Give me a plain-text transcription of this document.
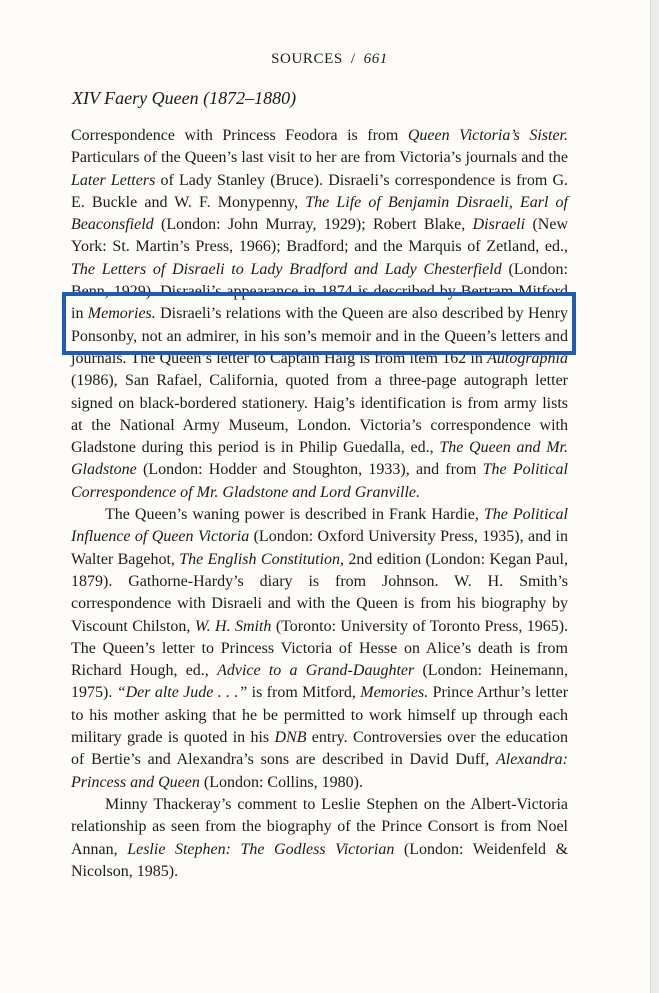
SOURCES / 661
XIV Faery Queen (1872–1880)

Correspondence with Princess Feodora is from Queen Victoria’s Sister. Particulars of the Queen’s last visit to her are from Victoria’s journals and the Later Letters of Lady Stanley (Bruce). Disraeli’s correspondence is from G. E. Buckle and W. F. Monypenny, The Life of Benjamin Disraeli, Earl of Beaconsfield (London: John Murray, 1929); Robert Blake, Disraeli (New York: St. Martin’s Press, 1966); Bradford; and the Marquis of Zetland, ed., The Letters of Disraeli to Lady Bradford and Lady Chesterfield (London: Benn, 1929). Disraeli’s appearance in 1874 is described by Bertram Mitford in Memories. Disraeli’s relations with the Queen are also described by Henry Ponsonby, not an admirer, in his son’s memoir and in the Queen’s letters and journals. The Queen’s letter to Captain Haig is from item 162 in Autographia (1986), San Rafael, California, quoted from a three-page autograph letter signed on black-bordered stationery. Haig’s identification is from army lists at the National Army Museum, London. Victoria’s correspondence with Gladstone during this period is in Philip Guedalla, ed., The Queen and Mr. Gladstone (London: Hodder and Stoughton, 1933), and from The Political Correspondence of Mr. Gladstone and Lord Granville.

The Queen’s waning power is described in Frank Hardie, The Political Influence of Queen Victoria (London: Oxford University Press, 1935), and in Walter Bagehot, The English Constitution, 2nd edition (London: Kegan Paul, 1879). Gathorne-Hardy’s diary is from Johnson. W. H. Smith’s correspondence with Disraeli and with the Queen is from his biography by Viscount Chilston, W. H. Smith (Toronto: University of Toronto Press, 1965). The Queen’s letter to Princess Victoria of Hesse on Alice’s death is from Richard Hough, ed., Advice to a Grand-Daughter (London: Heinemann, 1975). “Der alte Jude . . .” is from Mitford, Memories. Prince Arthur’s letter to his mother asking that he be permitted to work himself up through each military grade is quoted in his DNB entry. Controversies over the education of Bertie’s and Alexandra’s sons are described in David Duff, Alexandra: Princess and Queen (London: Collins, 1980).

Minny Thackeray’s comment to Leslie Stephen on the Albert-Victoria relationship as seen from the biography of the Prince Consort is from Noel Annan, Leslie Stephen: The Godless Victorian (London: Weidenfeld & Nicolson, 1985).
